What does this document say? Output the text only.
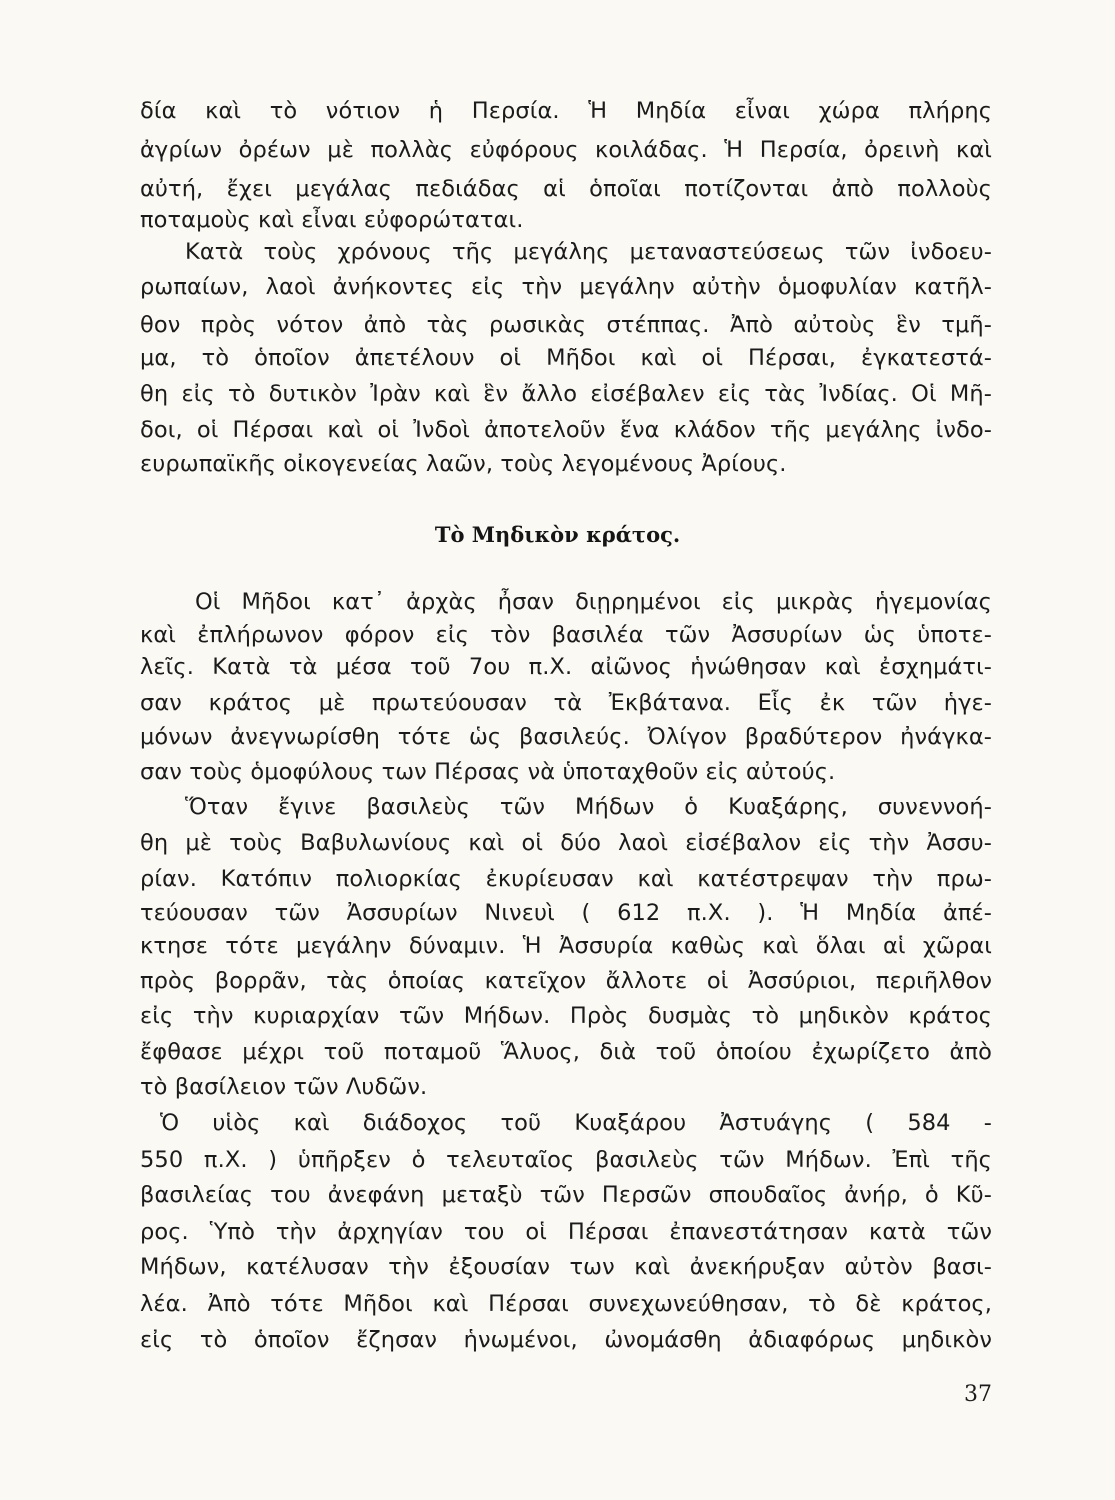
δία καὶ τὸ νότιον ἡ Περσία. Ἡ Μηδία εἶναι χώρα πλήρης
ἀγρίων ὀρέων μὲ πολλὰς εὐφόρους κοιλάδας. Ἡ Περσία, ὀρεινὴ καὶ
αὐτή, ἔχει μεγάλας πεδιάδας αἱ ὁποῖαι ποτίζονται ἀπὸ πολλοὺς
ποταμοὺς καὶ εἶναι εὐφορώταται.
Κατὰ τοὺς χρόνους τῆς μεγάλης μεταναστεύσεως τῶν ἰνδοευ-
ρωπαίων, λαοὶ ἀνήκοντες εἰς τὴν μεγάλην αὐτὴν ὁμοφυλίαν κατῆλ-
θον πρὸς νότον ἀπὸ τὰς ρωσικὰς στέππας. Ἀπὸ αὐτοὺς ἓν τμῆ-
μα, τὸ ὁποῖον ἀπετέλουν οἱ Μῆδοι καὶ οἱ Πέρσαι, ἐγκατεστά-
θη εἰς τὸ δυτικὸν Ἰρὰν καὶ ἓν ἄλλο εἰσέβαλεν εἰς τὰς Ἰνδίας. Οἱ Μῆ-
δοι, οἱ Πέρσαι καὶ οἱ Ἰνδοὶ ἀποτελοῦν ἕνα κλάδον τῆς μεγάλης ἰνδο-
ευρωπαϊκῆς οἰκογενείας λαῶν, τοὺς λεγομένους Ἀρίους.
Τὸ Μηδικὸν κράτος.
Οἱ Μῆδοι κατ᾽ ἀρχὰς ἦσαν διῃρημένοι εἰς μικρὰς ἡγεμονίας
καὶ ἐπλήρωνον φόρον εἰς τὸν βασιλέα τῶν Ἀσσυρίων ὡς ὑποτε-
λεῖς. Κατὰ τὰ μέσα τοῦ 7ου π.Χ. αἰῶνος ἡνώθησαν καὶ ἐσχημάτι-
σαν κράτος μὲ πρωτεύουσαν τὰ Ἐκβάτανα. Εἷς ἐκ τῶν ἡγε-
μόνων ἀνεγνωρίσθη τότε ὡς βασιλεύς. Ὀλίγον βραδύτερον ἠνάγκα-
σαν τοὺς ὁμοφύλους των Πέρσας νὰ ὑποταχθοῦν εἰς αὐτούς.
Ὅταν ἔγινε βασιλεὺς τῶν Μήδων ὁ Κυαξάρης, συνεννοή-
θη μὲ τοὺς Βαβυλωνίους καὶ οἱ δύο λαοὶ εἰσέβαλον εἰς τὴν Ἀσσυ-
ρίαν. Κατόπιν πολιορκίας ἐκυρίευσαν καὶ κατέστρεψαν τὴν πρω-
τεύουσαν τῶν Ἀσσυρίων Νινευὶ ( 612 π.Χ. ). Ἡ Μηδία ἀπέ-
κτησε τότε μεγάλην δύναμιν. Ἡ Ἀσσυρία καθὼς καὶ ὅλαι αἱ χῶραι
πρὸς βορρᾶν, τὰς ὁποίας κατεῖχον ἄλλοτε οἱ Ἀσσύριοι, περιῆλθον
εἰς τὴν κυριαρχίαν τῶν Μήδων. Πρὸς δυσμὰς τὸ μηδικὸν κράτος
ἔφθασε μέχρι τοῦ ποταμοῦ Ἅλυος, διὰ τοῦ ὁποίου ἐχωρίζετο ἀπὸ
τὸ βασίλειον τῶν Λυδῶν.
Ὁ υἱὸς καὶ διάδοχος τοῦ Κυαξάρου Ἀστυάγης ( 584 -
550 π.Χ. ) ὑπῆρξεν ὁ τελευταῖος βασιλεὺς τῶν Μήδων. Ἐπὶ τῆς
βασιλείας του ἀνεφάνη μεταξὺ τῶν Περσῶν σπουδαῖος ἀνήρ, ὁ Κῦ-
ρος. Ὑπὸ τὴν ἀρχηγίαν του οἱ Πέρσαι ἐπανεστάτησαν κατὰ τῶν
Μήδων, κατέλυσαν τὴν ἐξουσίαν των καὶ ἀνεκήρυξαν αὐτὸν βασι-
λέα. Ἀπὸ τότε Μῆδοι καὶ Πέρσαι συνεχωνεύθησαν, τὸ δὲ κράτος,
εἰς τὸ ὁποῖον ἔζησαν ἡνωμένοι, ὠνομάσθη ἀδιαφόρως μηδικὸν
37
